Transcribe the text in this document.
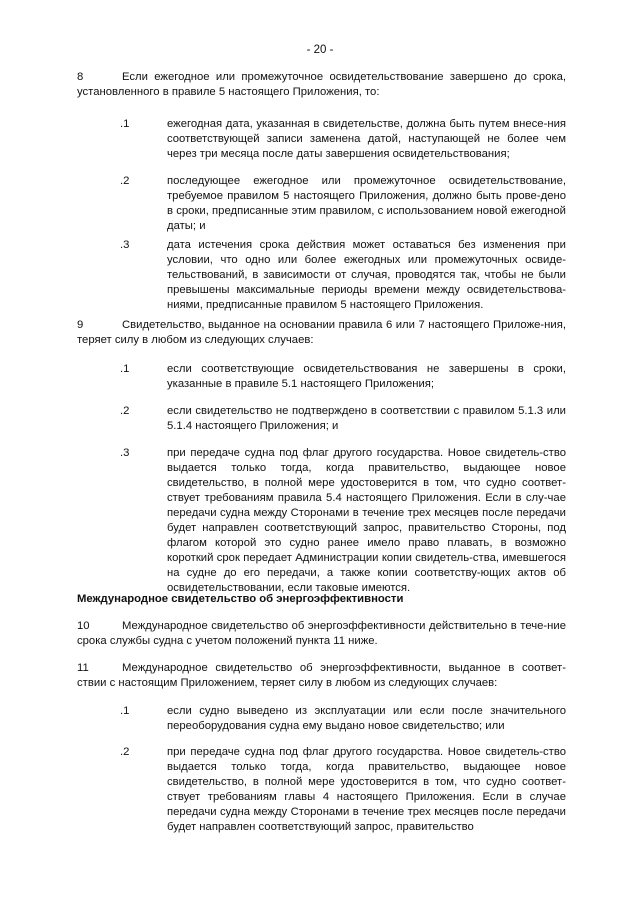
- 20 -
8	Если ежегодное или промежуточное освидетельствование завершено до срока, установленного в правиле 5 настоящего Приложения, то:
.1	ежегодная дата, указанная в свидетельстве, должна быть путем внесе-ния соответствующей записи заменена датой, наступающей не более чем через три месяца после даты завершения освидетельствования;
.2	последующее ежегодное или промежуточное освидетельствование, требуемое правилом 5 настоящего Приложения, должно быть прове-дено в сроки, предписанные этим правилом, с использованием новой ежегодной даты; и
.3	дата истечения срока действия может оставаться без изменения при условии, что одно или более ежегодных или промежуточных освиде-тельствований, в зависимости от случая, проводятся так, чтобы не были превышены максимальные периоды времени между освидетельствова-ниями, предписанные правилом 5 настоящего Приложения.
9	Свидетельство, выданное на основании правила 6 или 7 настоящего Приложе-ния, теряет силу в любом из следующих случаев:
.1	если соответствующие освидетельствования не завершены в сроки, указанные в правиле 5.1 настоящего Приложения;
.2	если свидетельство не подтверждено в соответствии с правилом 5.1.3 или 5.1.4 настоящего Приложения; и
.3	при передаче судна под флаг другого государства. Новое свидетель-ство выдается только тогда, когда правительство, выдающее новое свидетельство, в полной мере удостоверится в том, что судно соответ-ствует требованиям правила 5.4 настоящего Приложения. Если в слу-чае передачи судна между Сторонами в течение трех месяцев после передачи будет направлен соответствующий запрос, правительство Стороны, под флагом которой это судно ранее имело право плавать, в возможно короткий срок передает Администрации копии свидетель-ства, имевшегося на судне до его передачи, а также копии соответству-ющих актов об освидетельствовании, если таковые имеются.
Международное свидетельство об энергоэффективности
10	Международное свидетельство об энергоэффективности действительно в тече-ние срока службы судна с учетом положений пункта 11 ниже.
11	Международное свидетельство об энергоэффективности, выданное в соответ-ствии с настоящим Приложением, теряет силу в любом из следующих случаев:
.1	если судно выведено из эксплуатации или если после значительного переоборудования судна ему выдано новое свидетельство; или
.2	при передаче судна под флаг другого государства. Новое свидетель-ство выдается только тогда, когда правительство, выдающее новое свидетельство, в полной мере удостоверится в том, что судно соответ-ствует требованиям главы 4 настоящего Приложения. Если в случае передачи судна между Сторонами в течение трех месяцев после передачи будет направлен соответствующий запрос, правительство
